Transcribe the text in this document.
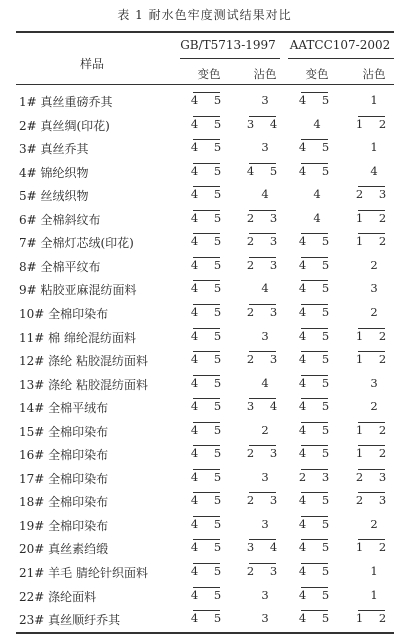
表 1 耐水色牢度测试结果对比
样品
GB/T5713-1997	AATCC107-2002
变色	沾色	变色	沾色
1# 真丝重磅乔其	4 5	3	4 5	1
2# 真丝绸(印花)	4 5	3 4	4	1 2
3# 真丝乔其	4 5	3	4 5	1
4# 锦纶织物	4 5	4 5	4 5	4
5# 丝绒织物	4 5	4	4	2 3
6# 全棉斜纹布	4 5	2 3	4	1 2
7# 全棉灯芯绒(印花)	4 5	2 3	4 5	1 2
8# 全棉平纹布	4 5	2 3	4 5	2
9# 粘胶亚麻混纺面料	4 5	4	4 5	3
10# 全棉印染布	4 5	2 3	4 5	2
11# 棉 绵纶混纺面料	4 5	3	4 5	1 2
12# 涤纶 粘胶混纺面料	4 5	2 3	4 5	1 2
13# 涤纶 粘胶混纺面料	4 5	4	4 5	3
14# 全棉平绒布	4 5	3 4	4 5	2
15# 全棉印染布	4 5	2	4 5	1 2
16# 全棉印染布	4 5	2 3	4 5	1 2
17# 全棉印染布	4 5	3	2 3	2 3
18# 全棉印染布	4 5	2 3	4 5	2 3
19# 全棉印染布	4 5	3	4 5	2
20# 真丝素绉缎	4 5	3 4	4 5	1 2
21# 羊毛 腈纶针织面料	4 5	2 3	4 5	1
22# 涤纶面料	4 5	3	4 5	1
23# 真丝顺纡乔其	4 5	3	4 5	1 2
